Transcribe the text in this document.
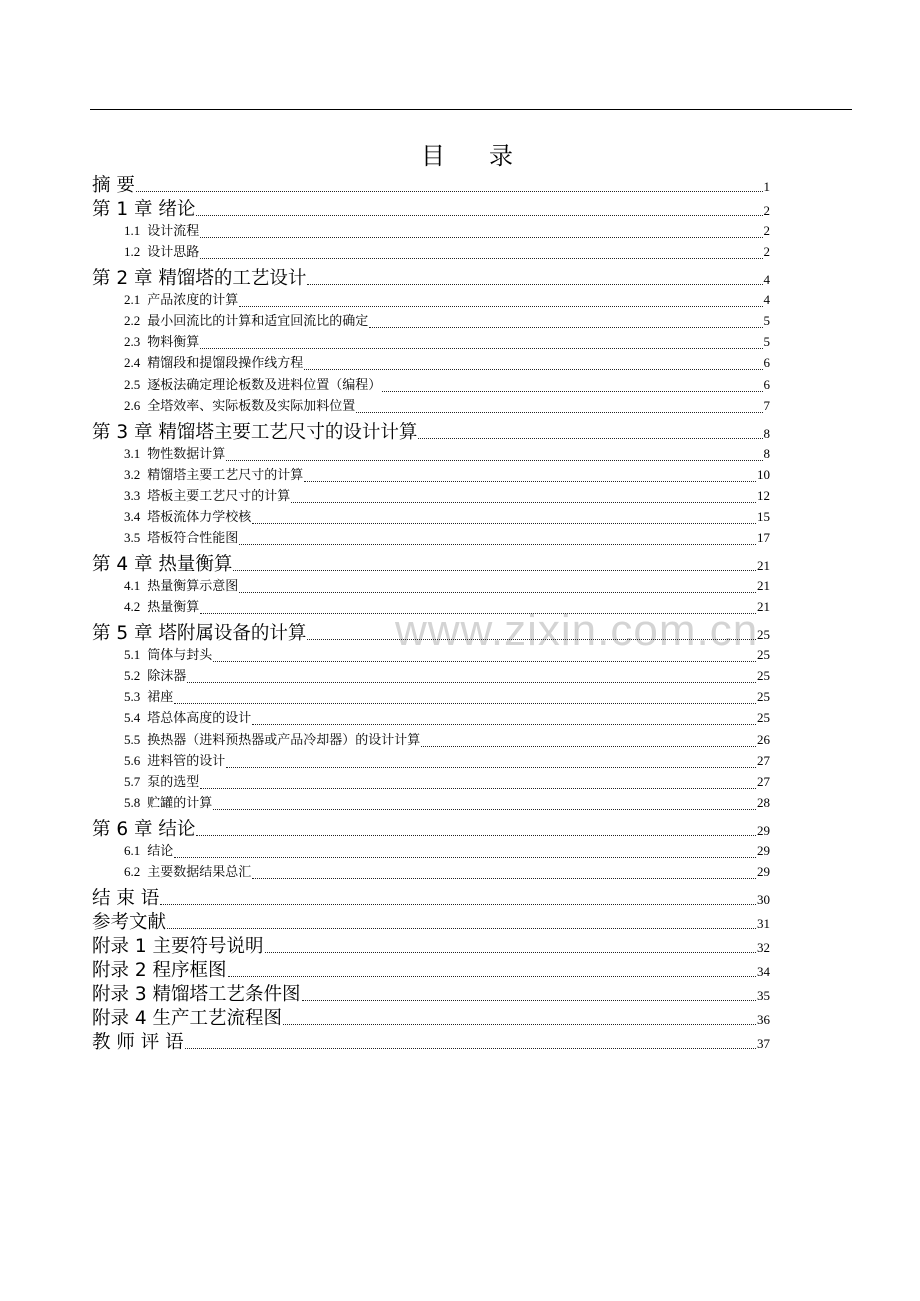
目　录
www.zixin.com.cn
摘 要	1
第 1 章 绪论	2
1.1 设计流程	2
1.2 设计思路	2
第 2 章 精馏塔的工艺设计	4
2.1 产品浓度的计算	4
2.2 最小回流比的计算和适宜回流比的确定	5
2.3 物料衡算	5
2.4 精馏段和提馏段操作线方程	6
2.5 逐板法确定理论板数及进料位置（编程）	6
2.6 全塔效率、实际板数及实际加料位置	7
第 3 章 精馏塔主要工艺尺寸的设计计算	8
3.1 物性数据计算	8
3.2 精馏塔主要工艺尺寸的计算	10
3.3 塔板主要工艺尺寸的计算	12
3.4 塔板流体力学校核	15
3.5 塔板符合性能图	17
第 4 章 热量衡算	21
4.1 热量衡算示意图	21
4.2 热量衡算	21
第 5 章 塔附属设备的计算	25
5.1 筒体与封头	25
5.2 除沫器	25
5.3 裙座	25
5.4 塔总体高度的设计	25
5.5 换热器（进料预热器或产品冷却器）的设计计算	26
5.6 进料管的设计	27
5.7 泵的选型	27
5.8 贮罐的计算	28
第 6 章 结论	29
6.1 结论	29
6.2 主要数据结果总汇	29
结 束 语	30
参考文献	31
附录 1 主要符号说明	32
附录 2 程序框图	34
附录 3 精馏塔工艺条件图	35
附录 4 生产工艺流程图	36
教 师 评 语	37
